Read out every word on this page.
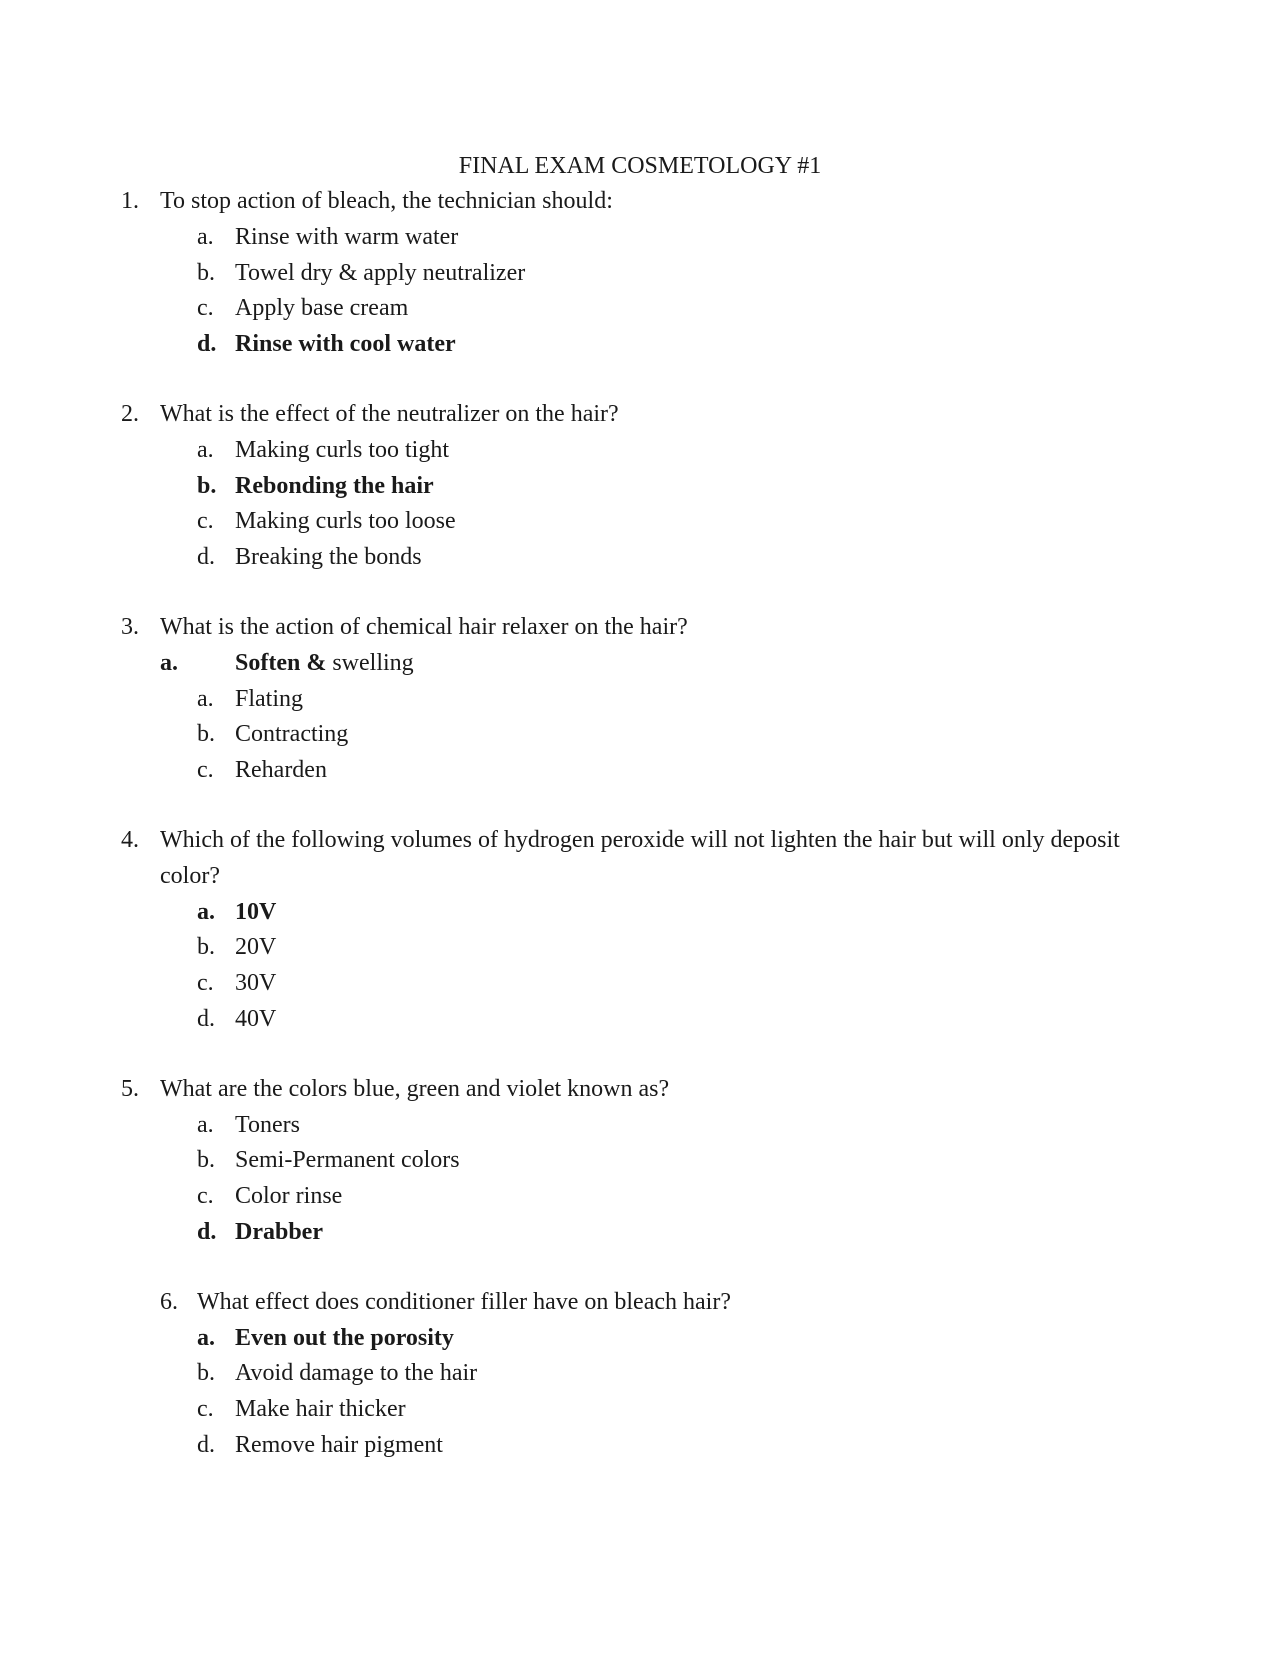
FINAL EXAM COSMETOLOGY #1
1. To stop action of bleach, the technician should:
a. Rinse with warm water
b. Towel dry & apply neutralizer
c. Apply base cream
d. Rinse with cool water
2. What is the effect of the neutralizer on the hair?
a. Making curls too tight
b. Rebonding the hair
c. Making curls too loose
d. Breaking the bonds
3. What is the action of chemical hair relaxer on the hair?
a. Soften & swelling
a. Flating
b. Contracting
c. Reharden
4. Which of the following volumes of hydrogen peroxide will not lighten the hair but will only deposit color?
a. 10V
b. 20V
c. 30V
d. 40V
5. What are the colors blue, green and violet known as?
a. Toners
b. Semi-Permanent colors
c. Color rinse
d. Drabber
6. What effect does conditioner filler have on bleach hair?
a. Even out the porosity
b. Avoid damage to the hair
c. Make hair thicker
d. Remove hair pigment
